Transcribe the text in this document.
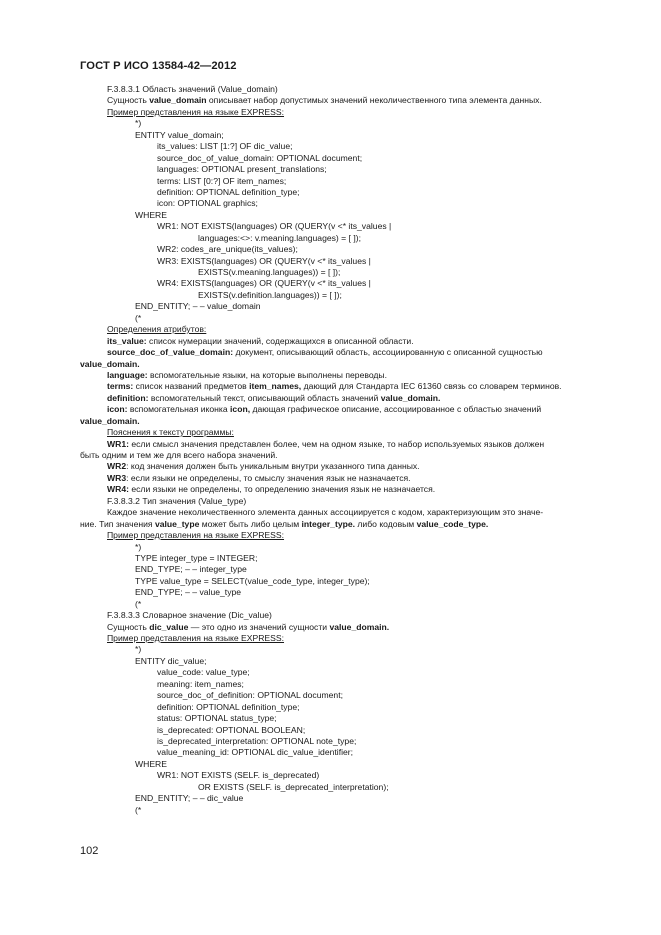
ГОСТ Р ИСО 13584-42—2012
F.3.8.3.1 Область значений (Value_domain)
Сущность value_domain описывает набор допустимых значений неколичественного типа элемента данных.
Пример представления на языке EXPRESS:
*)
ENTITY value_domain;
its_values: LIST [1:?] OF dic_value;
source_doc_of_value_domain: OPTIONAL document;
languages: OPTIONAL present_translations;
terms: LIST [0:?] OF item_names;
definition: OPTIONAL definition_type;
icon: OPTIONAL graphics;
WHERE
WR1: NOT EXISTS(languages) OR (QUERY(v <* its_values |
languages:<>: v.meaning.languages) = [ ]);
WR2: codes_are_unique(its_values);
WR3: EXISTS(languages) OR (QUERY(v <* its_values |
EXISTS(v.meaning.languages)) = [ ]);
WR4: EXISTS(languages) OR (QUERY(v <* its_values |
EXISTS(v.definition.languages)) = [ ]);
END_ENTITY; – – value_domain
(*
Определения атрибутов:
its_value: список нумерации значений, содержащихся в описанной области.
source_doc_of_value_domain: документ, описывающий область, ассоциированную с описанной сущностью
value_domain.
language: вспомогательные языки, на которые выполнены переводы.
terms: список названий предметов item_names, дающий для Стандарта IEC 61360 связь со словарем терминов.
definition: вспомогательный текст, описывающий область значений value_domain.
icon: вспомогательная иконка icon, дающая графическое описание, ассоциированное с областью значений
value_domain.
Пояснения к тексту программы:
WR1: если смысл значения представлен более, чем на одном языке, то набор используемых языков должен
быть одним и тем же для всего набора значений.
WR2: код значения должен быть уникальным внутри указанного типа данных.
WR3: если языки не определены, то смыслу значения язык не назначается.
WR4: если языки не определены, то определению значения язык не назначается.
F.3.8.3.2 Тип значения (Value_type)
Каждое значение неколичественного элемента данных ассоциируется с кодом, характеризующим это значе-
ние. Тип значения value_type может быть либо целым integer_type. либо кодовым value_code_type.
Пример представления на языке EXPRESS:
*)
TYPE integer_type = INTEGER;
END_TYPE; – – integer_type
TYPE value_type = SELECT(value_code_type, integer_type);
END_TYPE; – – value_type
(*
F.3.8.3.3 Словарное значение (Dic_value)
Сущность dic_value — это одно из значений сущности value_domain.
Пример представления на языке EXPRESS:
*)
ENTITY dic_value;
value_code: value_type;
meaning: item_names;
source_doc_of_definition: OPTIONAL document;
definition: OPTIONAL definition_type;
status: OPTIONAL status_type;
is_deprecated: OPTIONAL BOOLEAN;
is_deprecated_interpretation: OPTIONAL note_type;
value_meaning_id: OPTIONAL dic_value_identifier;
WHERE
WR1: NOT EXISTS (SELF. is_deprecated)
OR EXISTS (SELF. is_deprecated_interpretation);
END_ENTITY; – – dic_value
(*
102
